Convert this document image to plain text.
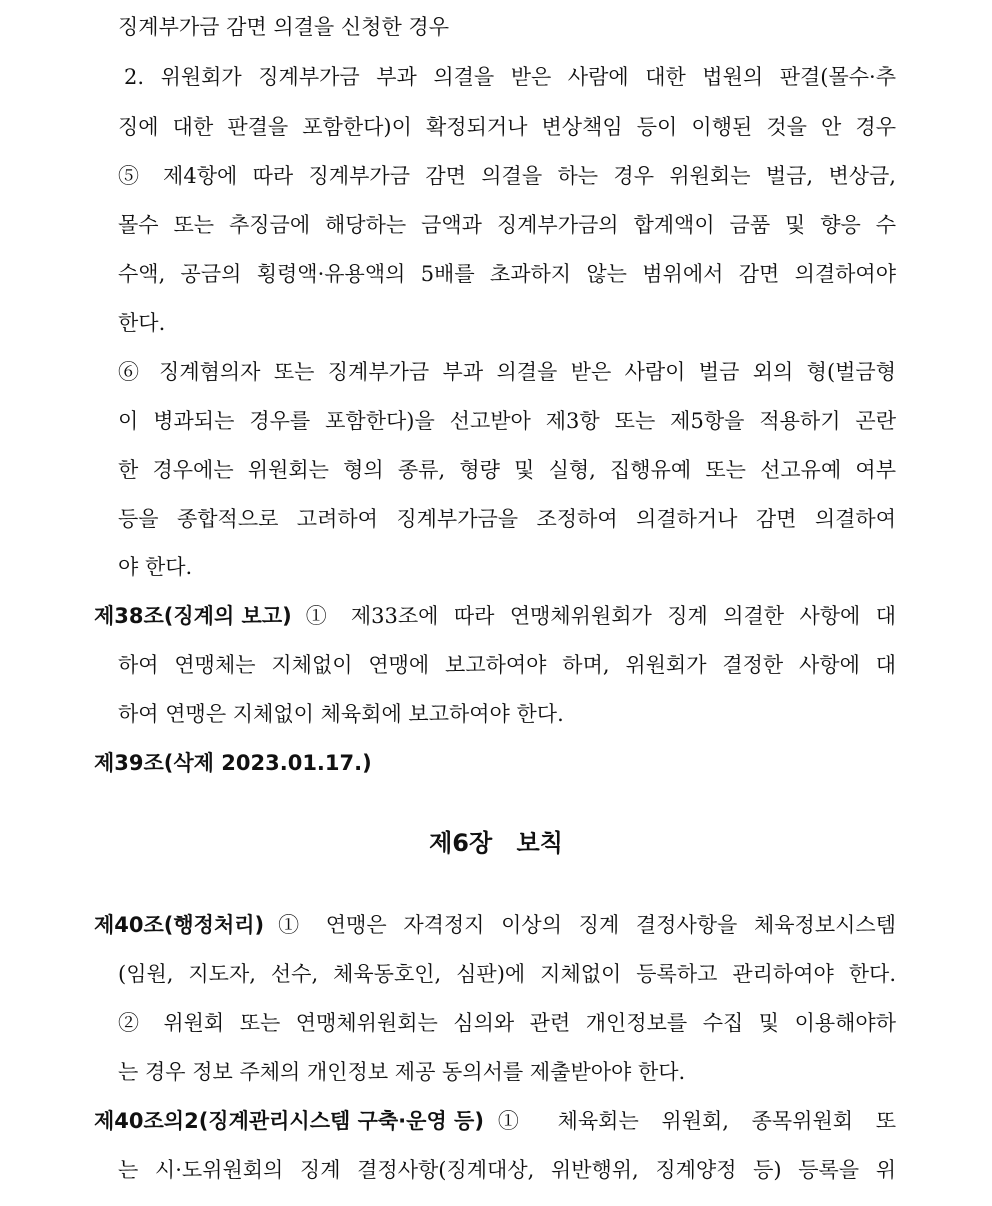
징계부가금 감면 의결을 신청한 경우
2. 위원회가 징계부가금 부과 의결을 받은 사람에 대한 법원의 판결(몰수·추
징에 대한 판결을 포함한다)이 확정되거나 변상책임 등이 이행된 것을 안 경우
⑤ 제4항에 따라 징계부가금 감면 의결을 하는 경우 위원회는 벌금, 변상금,
몰수 또는 추징금에 해당하는 금액과 징계부가금의 합계액이 금품 및 향응 수
수액, 공금의 횡령액·유용액의 5배를 초과하지 않는 범위에서 감면 의결하여야
한다.
⑥ 징계혐의자 또는 징계부가금 부과 의결을 받은 사람이 벌금 외의 형(벌금형
이 병과되는 경우를 포함한다)을 선고받아 제3항 또는 제5항을 적용하기 곤란
한 경우에는 위원회는 형의 종류, 형량 및 실형, 집행유예 또는 선고유예 여부
등을 종합적으로 고려하여 징계부가금을 조정하여 의결하거나 감면 의결하여
야 한다.
제38조(징계의 보고) ① 제33조에 따라 연맹체위원회가 징계 의결한 사항에 대
하여 연맹체는 지체없이 연맹에 보고하여야 하며, 위원회가 결정한 사항에 대
하여 연맹은 지체없이 체육회에 보고하여야 한다.
제39조(삭제 2023.01.17.)
제6장 보칙
제40조(행정처리) ① 연맹은 자격정지 이상의 징계 결정사항을 체육정보시스템
(임원, 지도자, 선수, 체육동호인, 심판)에 지체없이 등록하고 관리하여야 한다.
② 위원회 또는 연맹체위원회는 심의와 관련 개인정보를 수집 및 이용해야하
는 경우 정보 주체의 개인정보 제공 동의서를 제출받아야 한다.
제40조의2(징계관리시스템 구축·운영 등) ① 체육회는 위원회, 종목위원회 또
는 시·도위원회의 징계 결정사항(징계대상, 위반행위, 징계양정 등) 등록을 위
